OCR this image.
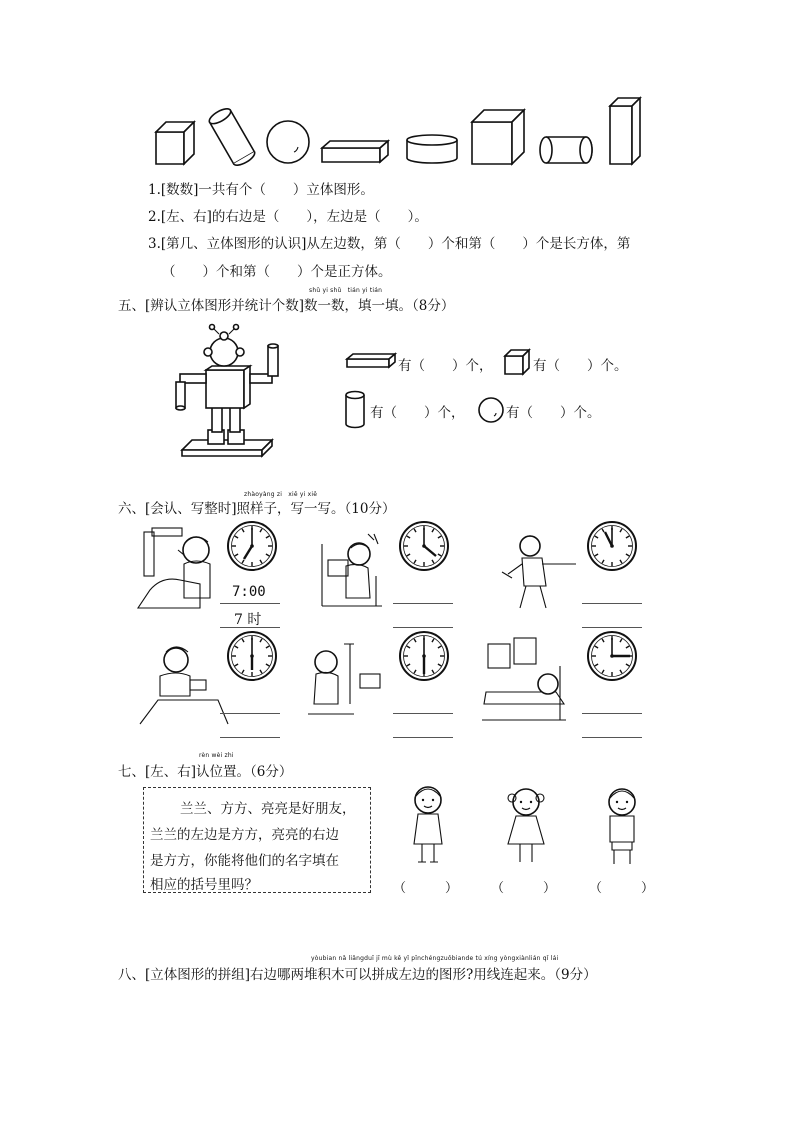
1.[数数]一共有个（　　）立体图形。
2.[左、右]的右边是（　　），左边是（　　）。
3.[第几、立体图形的认识]从左边数，第（　　）个和第（　　）个是长方体，第
（　　）个和第（　　）个是正方体。
shǔ yi shǔ　tián yi tián
五、[辨认立体图形并统计个数]数一数，填一填。（8分）
有（　　）个，	有（　　）个。
有（　　）个，	有（　　）个。
zhàoyàng zi　xiě yi xiě
六、[会认、写整时]照样子，写一写。（10分）
7:00
7 时
rèn wèi zhi
七、[左、右]认位置。（6分）
兰兰、方方、亮亮是好朋友，
兰兰的左边是方方，亮亮的右边
是方方，你能将他们的名字填在
相应的括号里吗？	（　　　）	（　　　）	（　　　）
yòubian nǎ liǎngduī jī mù kě yǐ pīnchéngzuǒbiande tú xíng yòngxiànlián qǐ lái
八、[立体图形的拼组]右边哪两堆积木可以拼成左边的图形?用线连起来。（9分）
